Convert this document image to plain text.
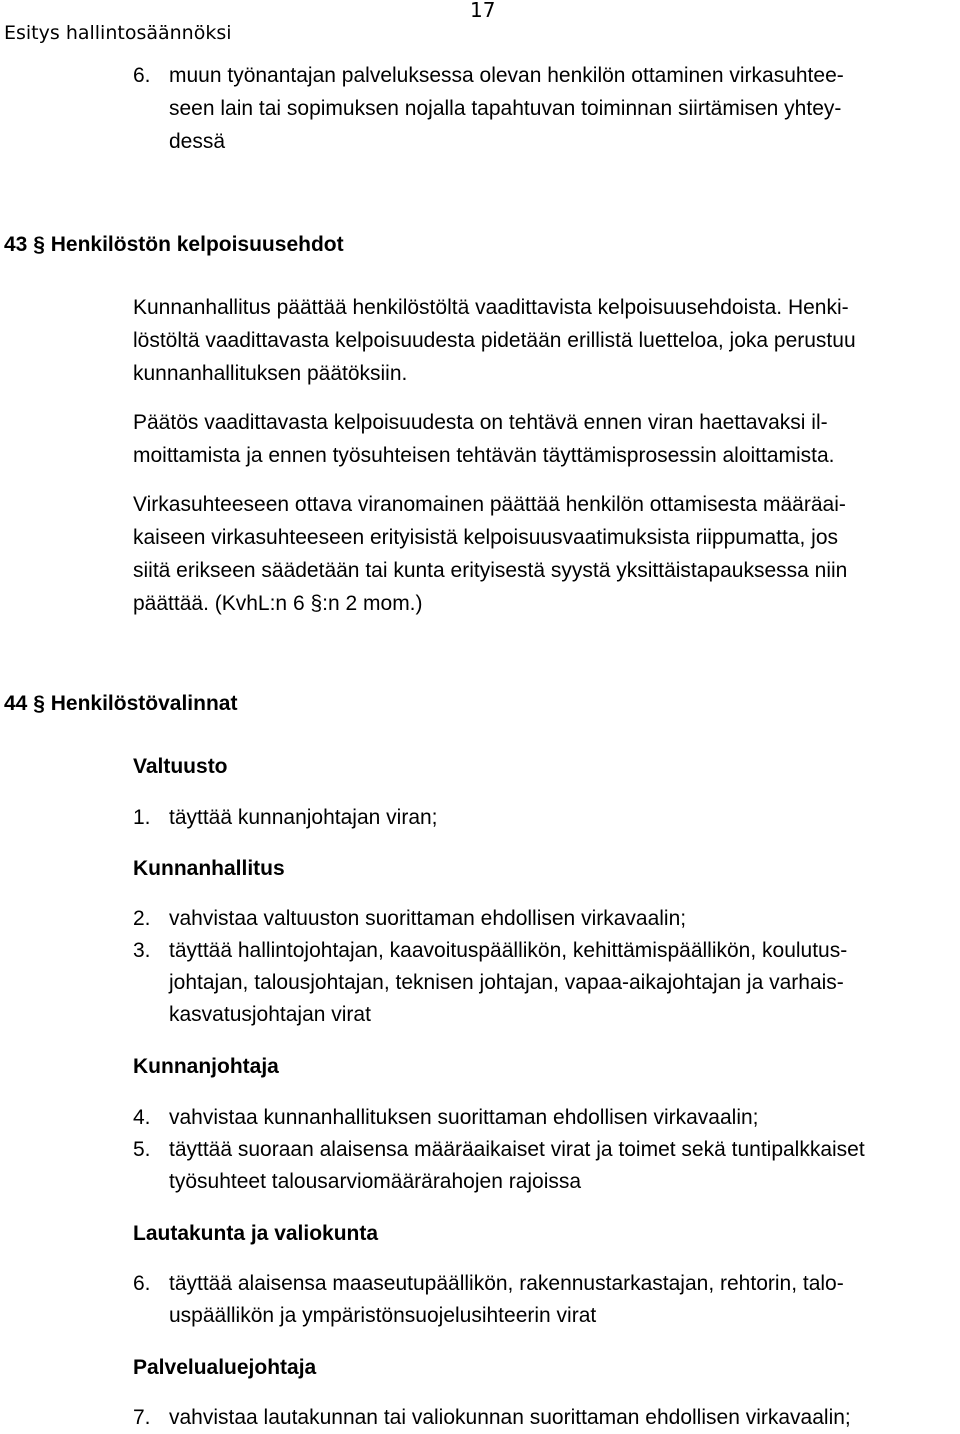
Esitys hallintosäännöksi
17
6. muun työnantajan palveluksessa olevan henkilön ottaminen virkasuhtee-
seen lain tai sopimuksen nojalla tapahtuvan toiminnan siirtämisen yhtey-
dessä
43 § Henkilöstön kelpoisuusehdot
Kunnanhallitus päättää henkilöstöltä vaadittavista kelpoisuusehdoista. Henki-
löstöltä vaadittavasta kelpoisuudesta pidetään erillistä luetteloa, joka perustuu
kunnanhallituksen päätöksiin.
Päätös vaadittavasta kelpoisuudesta on tehtävä ennen viran haettavaksi il-
moittamista ja ennen työsuhteisen tehtävän täyttämisprosessin aloittamista.
Virkasuhteeseen ottava viranomainen päättää henkilön ottamisesta määräai-
kaiseen virkasuhteeseen erityisistä kelpoisuusvaatimuksista riippumatta, jos
siitä erikseen säädetään tai kunta erityisestä syystä yksittäistapauksessa niin
päättää. (KvhL:n 6 §:n 2 mom.)
44 § Henkilöstövalinnat
Valtuusto
1. täyttää kunnanjohtajan viran;
Kunnanhallitus
2. vahvistaa valtuuston suorittaman ehdollisen virkavaalin;
3. täyttää hallintojohtajan, kaavoituspäällikön, kehittämispäällikön, koulutus-
johtajan, talousjohtajan, teknisen johtajan, vapaa-aikajohtajan ja varhais-
kasvatusjohtajan virat
Kunnanjohtaja
4. vahvistaa kunnanhallituksen suorittaman ehdollisen virkavaalin;
5. täyttää suoraan alaisensa määräaikaiset virat ja toimet sekä tuntipalkkaiset
työsuhteet talousarviomäärärahojen rajoissa
Lautakunta ja valiokunta
6. täyttää alaisensa maaseutupäällikön, rakennustarkastajan, rehtorin, talo-
uspäällikön ja ympäristönsuojelusihteerin virat
Palvelualuejohtaja
7. vahvistaa lautakunnan tai valiokunnan suorittaman ehdollisen virkavaalin;
